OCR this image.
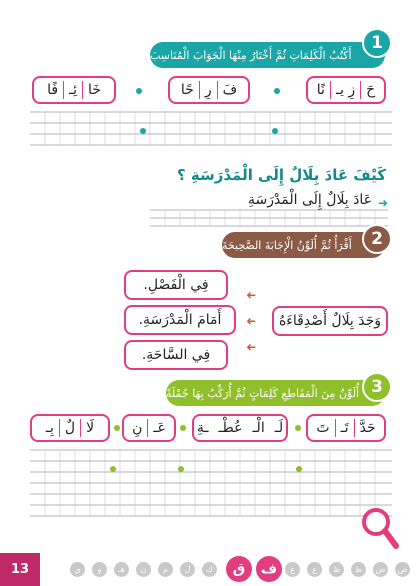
أَكْتُبُ الْكَلِمَاتِ ثُمَّ أَخْتَارُ مِنْهَا الْجَوَابَ الْمُنَاسِبَ
1
حَ
زِ يـ
نًا
فَ
رِ
حًا
خَا
ئِـ
فًا
كَيْفَ عَادَ بِلَالٌ إِلَى الْمَدْرَسَةِ ؟
➜
عَادَ بِلَالٌ إِلَى الْمَدْرَسَةِ
أَقْرَأُ ثُمَّ أُلَوِّنُ الْإِجَابَةَ الصَّحِيحَةَ	2
فِي الْفَصْلِ.
أَمَامَ الْمَدْرَسَةِ.
فِي السَّاحَةِ.
➜
➜
➜
وَجَدَ بِلَالٌ أَصْدِقَاءَهُ
أُلَوِّنُ مِنَ الْمَقَاطِعِ كَلِمَاتٍ ثُمَّ أُرَكِّبُ بِهَا جُمْلَةً 3
حَدَّ
تَـ
تَ
لَـ
الْـ
عُطْـ
ـةِ
عَـ
نِ
لَا
لٌ
بِـ
13	ص
ض
ط
ظ
ع
غ
ف
ق
ك
ل
م
ن
هـ
و
ي
